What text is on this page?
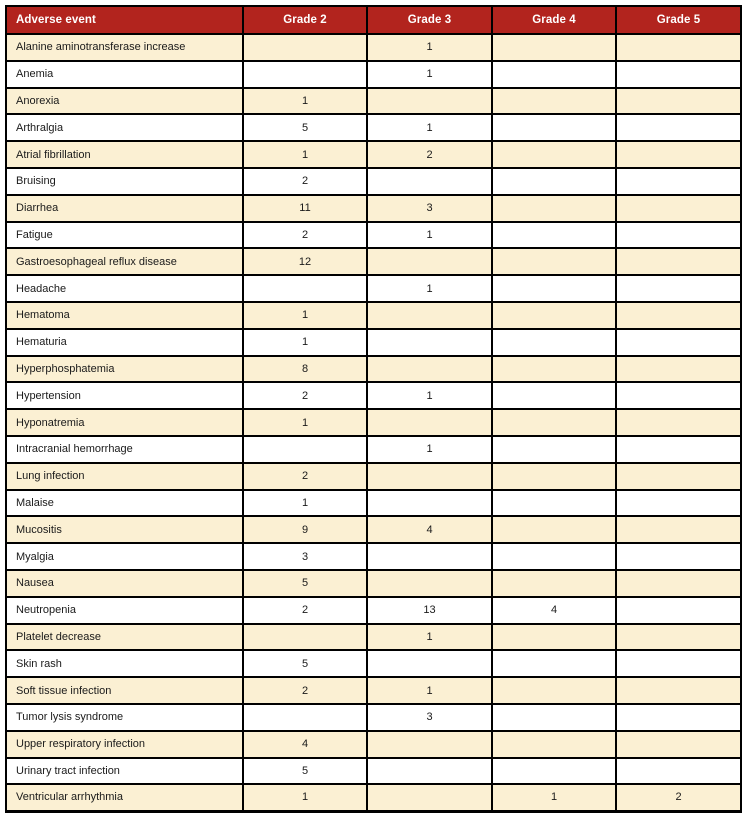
Adverse event	Grade 2	Grade 3	Grade 4	Grade 5
Alanine aminotransferase increase		1		
Anemia		1		
Anorexia	1			
Arthralgia	5	1		
Atrial fibrillation	1	2		
Bruising	2			
Diarrhea	11	3		
Fatigue	2	1		
Gastroesophageal reflux disease	12			
Headache		1		
Hematoma	1			
Hematuria	1			
Hyperphosphatemia	8			
Hypertension	2	1		
Hyponatremia	1			
Intracranial hemorrhage		1		
Lung infection	2			
Malaise	1			
Mucositis	9	4		
Myalgia	3			
Nausea	5			
Neutropenia	2	13	4	
Platelet decrease		1		
Skin rash	5			
Soft tissue infection	2	1		
Tumor lysis syndrome		3		
Upper respiratory infection	4			
Urinary tract infection	5			
Ventricular arrhythmia	1		1	2
